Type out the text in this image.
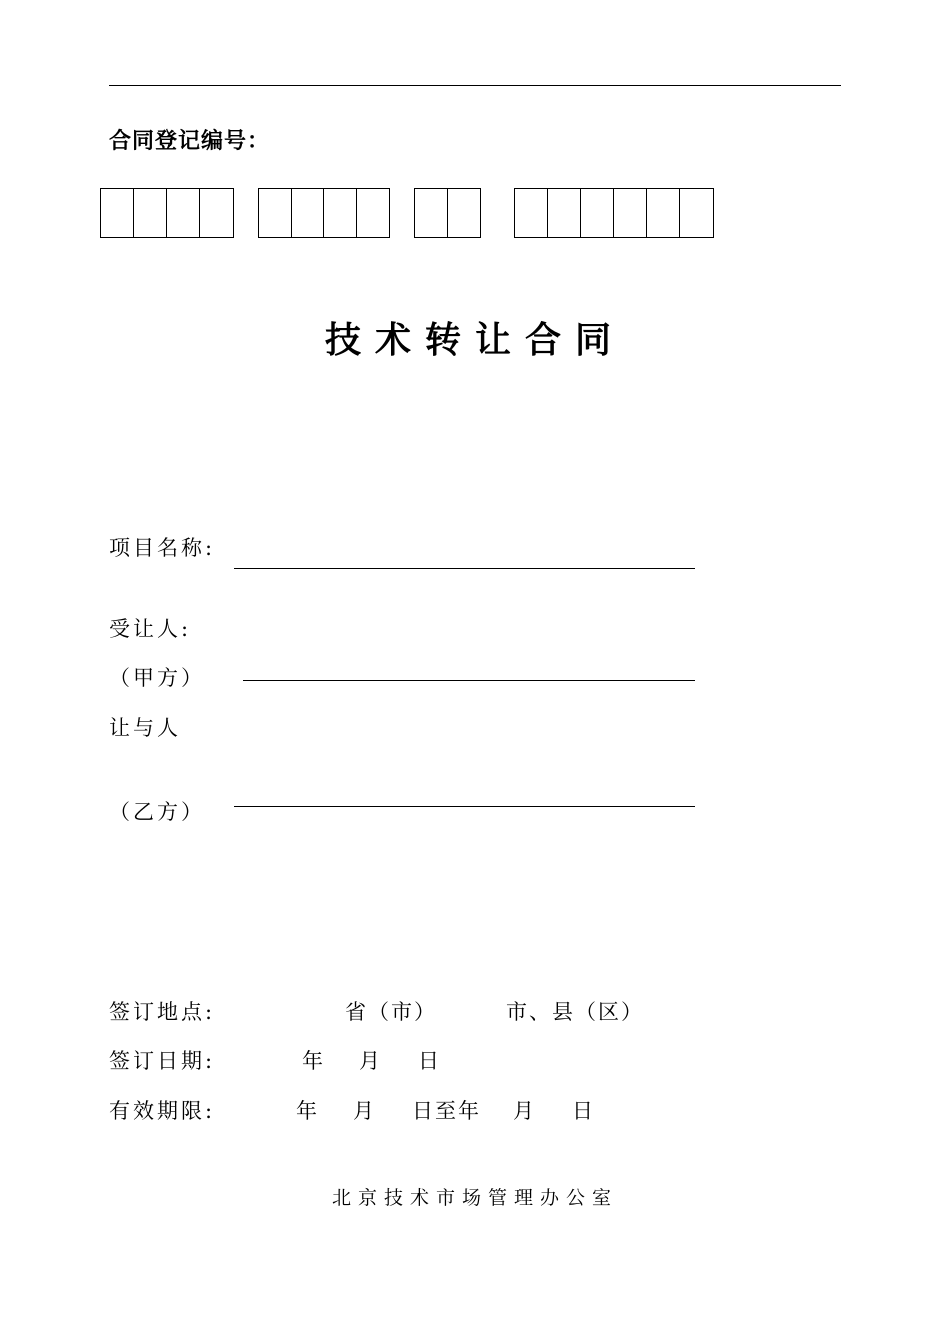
合同登记编号：
技术转让合同
项目名称:
受让人:
（甲方）
让与人
（乙方）
签订地点:	省（市）	市、县（区）
签订日期:	年 月 日
有效期限:	年 月 日至年 月 日
北京技术市场管理办公室
